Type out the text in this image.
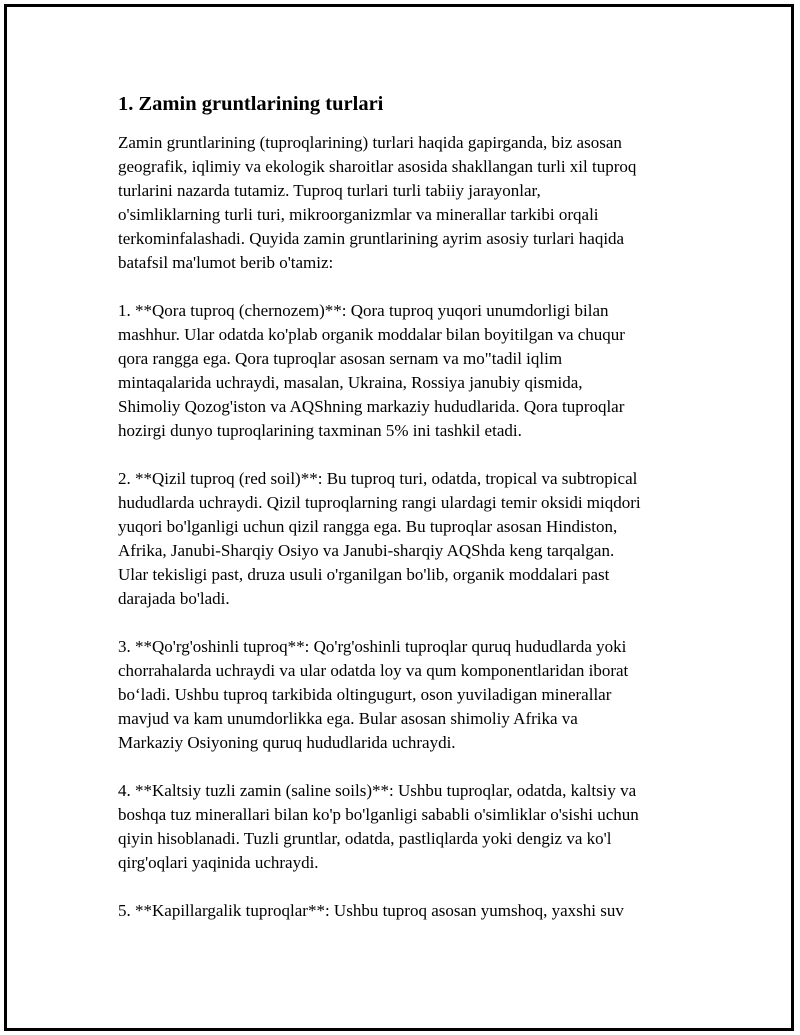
1. Zamin gruntlarining turlari

Zamin gruntlarining (tuproqlarining) turlari haqida gapirganda, biz asosan
geografik, iqlimiy va ekologik sharoitlar asosida shakllangan turli xil tuproq
turlarini nazarda tutamiz. Tuproq turlari turli tabiiy jarayonlar,
o'simliklarning turli turi, mikroorganizmlar va minerallar tarkibi orqali
terkominfalashadi. Quyida zamin gruntlarining ayrim asosiy turlari haqida
batafsil ma'lumot berib o'tamiz:

1. **Qora tuproq (chernozem)**: Qora tuproq yuqori unumdorligi bilan
mashhur. Ular odatda ko'plab organik moddalar bilan boyitilgan va chuqur
qora rangga ega. Qora tuproqlar asosan sernam va mo"tadil iqlim
mintaqalarida uchraydi, masalan, Ukraina, Rossiya janubiy qismida,
Shimoliy Qozog'iston va AQShning markaziy hududlarida. Qora tuproqlar
hozirgi dunyo tuproqlarining taxminan 5% ini tashkil etadi.

2. **Qizil tuproq (red soil)**: Bu tuproq turi, odatda, tropical va subtropical
hududlarda uchraydi. Qizil tuproqlarning rangi ulardagi temir oksidi miqdori
yuqori bo'lganligi uchun qizil rangga ega. Bu tuproqlar asosan Hindiston,
Afrika, Janubi-Sharqiy Osiyo va Janubi-sharqiy AQShda keng tarqalgan.
Ular tekisligi past, druza usuli o'rganilgan bo'lib, organik moddalari past
darajada bo'ladi.

3. **Qo'rg'oshinli tuproq**: Qo'rg'oshinli tuproqlar quruq hududlarda yoki
chorrahalarda uchraydi va ular odatda loy va qum komponentlaridan iborat
bo‘ladi. Ushbu tuproq tarkibida oltingugurt, oson yuviladigan minerallar
mavjud va kam unumdorlikka ega. Bular asosan shimoliy Afrika va
Markaziy Osiyoning quruq hududlarida uchraydi.

4. **Kaltsiy tuzli zamin (saline soils)**: Ushbu tuproqlar, odatda, kaltsiy va
boshqa tuz minerallari bilan ko'p bo'lganligi sababli o'simliklar o'sishi uchun
qiyin hisoblanadi. Tuzli gruntlar, odatda, pastliqlarda yoki dengiz va ko'l
qirg'oqlari yaqinida uchraydi.

5. **Kapillargalik tuproqlar**: Ushbu tuproq asosan yumshoq, yaxshi suv
